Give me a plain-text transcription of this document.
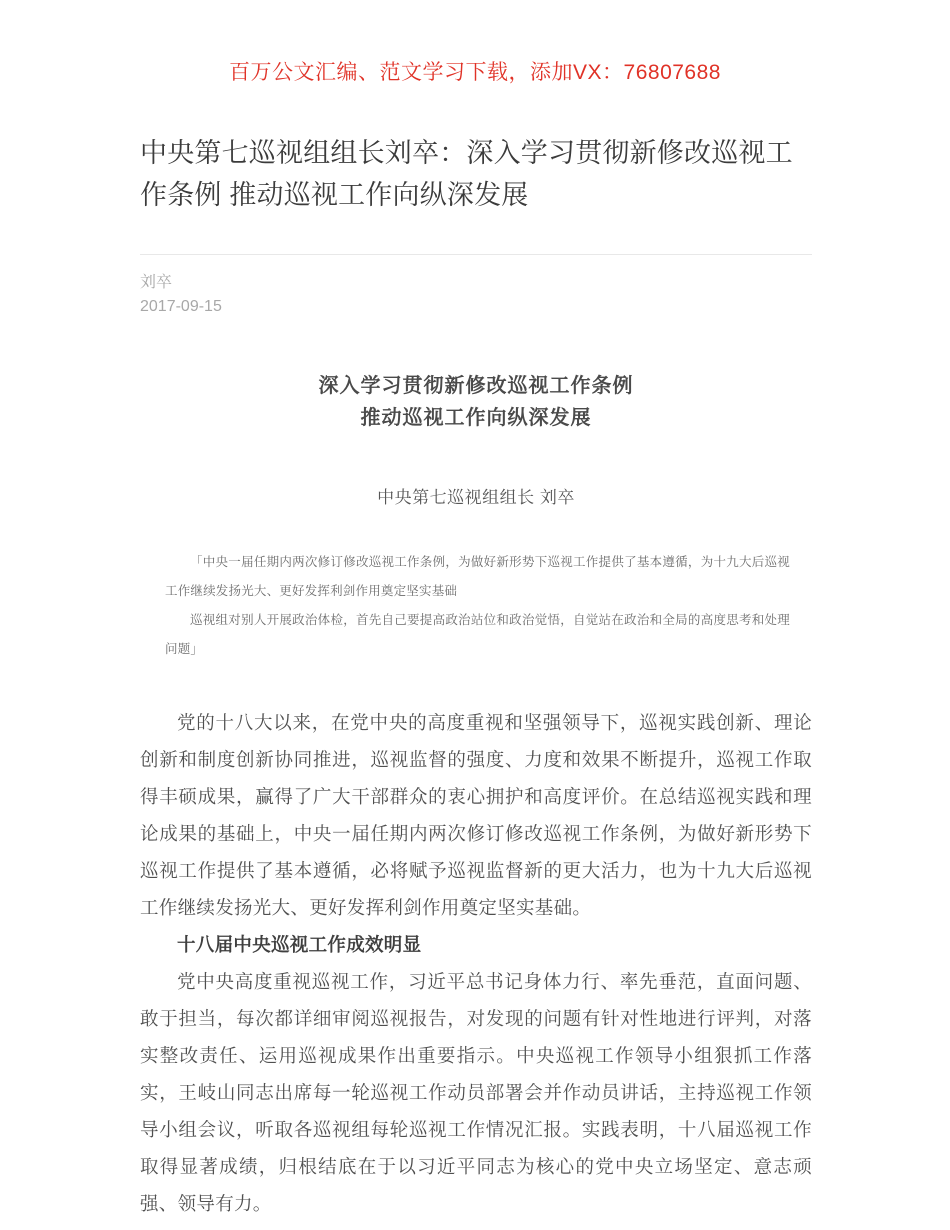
百万公文汇编、范文学习下载，添加VX：76807688
中央第七巡视组组长刘卒：深入学习贯彻新修改巡视工作条例 推动巡视工作向纵深发展
刘卒
2017-09-15
深入学习贯彻新修改巡视工作条例
推动巡视工作向纵深发展
中央第七巡视组组长 刘卒
「中央一届任期内两次修订修改巡视工作条例，为做好新形势下巡视工作提供了基本遵循，为十九大后巡视工作继续发扬光大、更好发挥利剑作用奠定坚实基础
巡视组对别人开展政治体检，首先自己要提高政治站位和政治觉悟，自觉站在政治和全局的高度思考和处理问题」

党的十八大以来，在党中央的高度重视和坚强领导下，巡视实践创新、理论创新和制度创新协同推进，巡视监督的强度、力度和效果不断提升，巡视工作取得丰硕成果，赢得了广大干部群众的衷心拥护和高度评价。在总结巡视实践和理论成果的基础上，中央一届任期内两次修订修改巡视工作条例，为做好新形势下巡视工作提供了基本遵循，必将赋予巡视监督新的更大活力，也为十九大后巡视工作继续发扬光大、更好发挥利剑作用奠定坚实基础。

十八届中央巡视工作成效明显

党中央高度重视巡视工作，习近平总书记身体力行、率先垂范，直面问题、敢于担当，每次都详细审阅巡视报告，对发现的问题有针对性地进行评判，对落实整改责任、运用巡视成果作出重要指示。中央巡视工作领导小组狠抓工作落实，王岐山同志出席每一轮巡视工作动员部署会并作动员讲话，主持巡视工作领导小组会议，听取各巡视组每轮巡视工作情况汇报。实践表明，十八届巡视工作取得显著成绩，归根结底在于以习近平同志为核心的党中央立场坚定、意志顽强、领导有力。
